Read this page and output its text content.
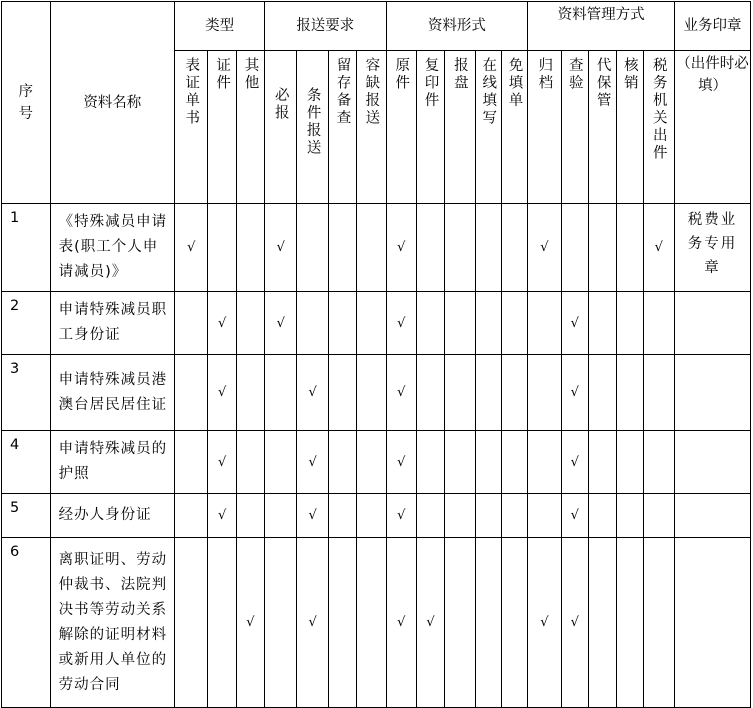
序
号	资料名称	类型			报送要求				资料形式					资料管理方式					业务印章

		表证单书	证件	其他	必报	条件报送	留存备查	容缺报送	原件	复印件	报盘	在线填写	免填单	归档	查验	代保管	核销	税务机关出件	（出件时必填）
1	《特殊减员申请表(职工个人申请减员)》	√			√				√					√				√	税费业务专用章
2	申请特殊减员职工身份证		√		√				√						√				
3	申请特殊减员港澳台居民居住证		√			√			√						√				
4	申请特殊减员的护照		√			√			√						√				
5	经办人身份证		√			√			√						√				
6	离职证明、劳动仲裁书、法院判决书等劳动关系解除的证明材料或新用人单位的劳动合同			√		√			√	√				√	√				
